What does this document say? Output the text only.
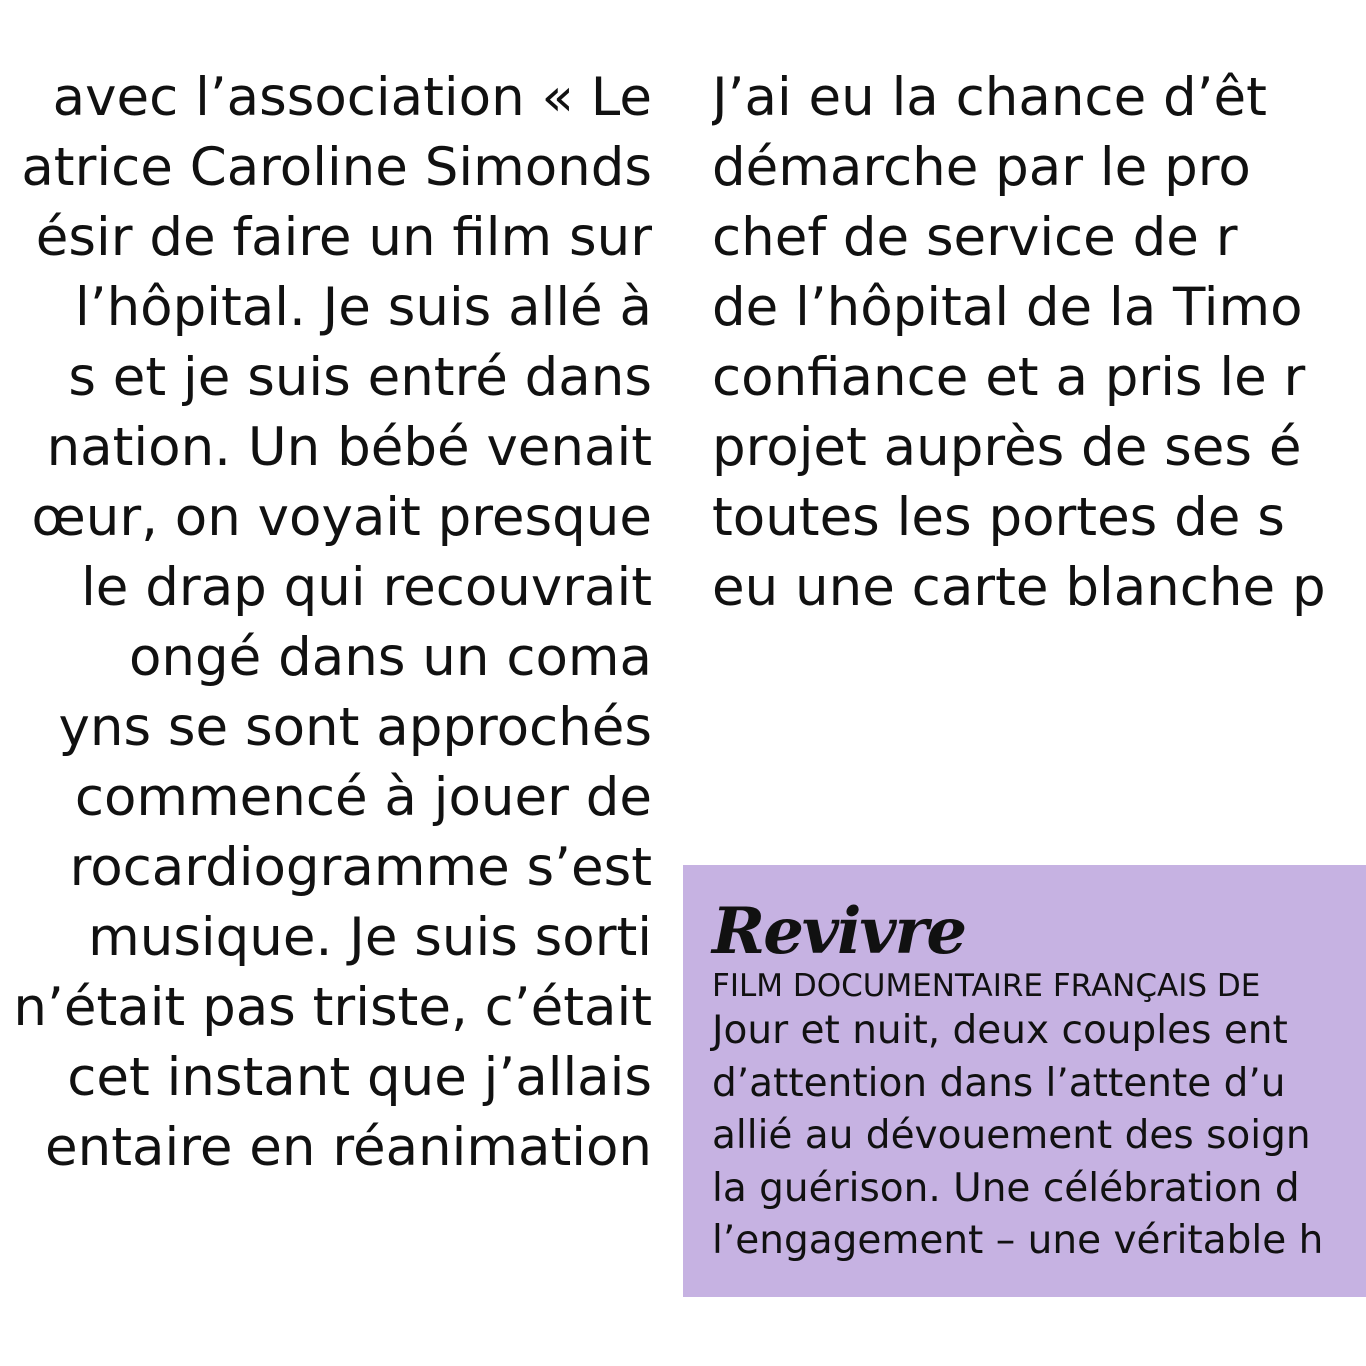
avec l’association « Le
atrice Caroline Simonds
ésir de faire un film sur
l’hôpital. Je suis allé à
s et je suis entré dans
nation. Un bébé venait
œur, on voyait presque
le drap qui recouvrait
ongé dans un coma
yns se sont approchés
commencé à jouer de
rocardiogramme s’est
musique. Je suis sorti
n’était pas triste, c’était
cet instant que j’allais
entaire en réanimation
J’ai eu la chance d’êt
démarche par le pro
chef de service de r
de l’hôpital de la Timo
confiance et a pris le r
projet auprès de ses é
toutes les portes de s
eu une carte blanche p
Revivre
FILM DOCUMENTAIRE FRANÇAIS DE
Jour et nuit, deux couples ent
d’attention dans l’attente d’u
allié au dévouement des soign
la guérison. Une célébration d
l’engagement – une véritable h
